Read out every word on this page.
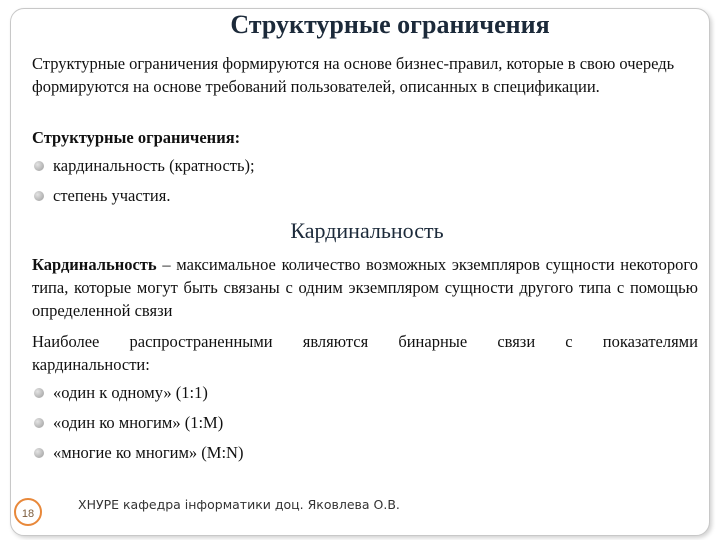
Структурные ограничения
Структурные ограничения формируются на основе бизнес-правил, которые в свою очередь формируются на основе требований пользователей, описанных в спецификации.
Структурные ограничения:
кардинальность (кратность);
степень участия.
Кардинальность
Кардинальность – максимальное количество возможных экземпляров сущности некоторого типа, которые могут быть связаны с одним экземпляром сущности другого типа с помощью определенной связи
Наиболее распространенными являются бинарные связи с показателями
кардинальности:
«один к одному» (1:1)
«один ко многим» (1:M)
«многие ко многим» (M:N)
18
ХНУРЕ кафедра інформатики доц. Яковлева О.В.
